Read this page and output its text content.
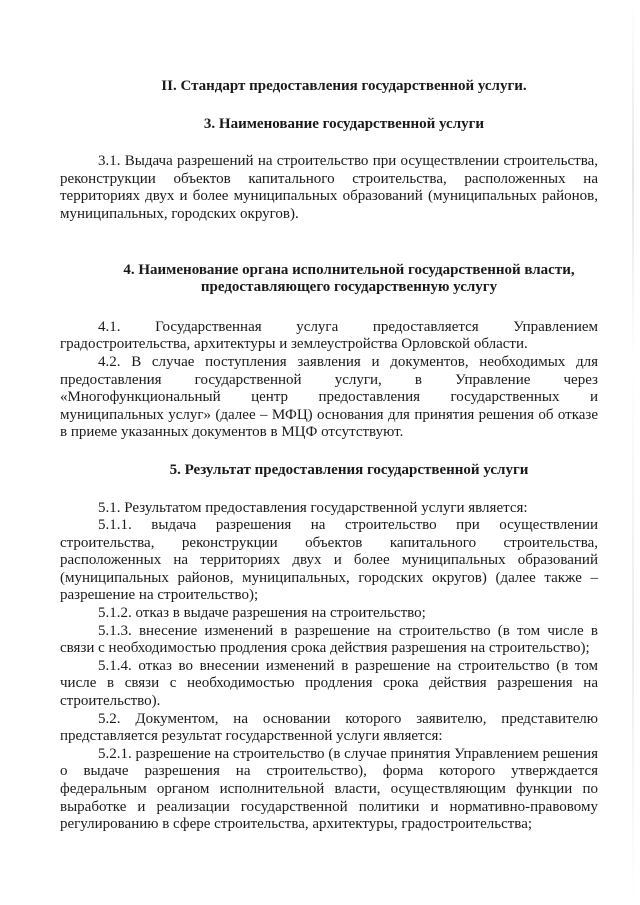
II. Стандарт предоставления государственной услуги.
3. Наименование государственной услуги

3.1. Выдача разрешений на строительство при осуществлении строительства, реконструкции объектов капитального строительства, расположенных на территориях двух и более муниципальных образований (муниципальных районов, муниципальных, городских округов).

4. Наименование органа исполнительной государственной власти,
предоставляющего государственную услугу

4.1. Государственная услуга предоставляется Управлением градостроительства, архитектуры и землеустройства Орловской области.

4.2. В случае поступления заявления и документов, необходимых для предоставления государственной услуги, в Управление через «Многофункциональный центр предоставления государственных и муниципальных услуг» (далее – МФЦ) основания для принятия решения об отказе в приеме указанных документов в МЦФ отсутствуют.

5. Результат предоставления государственной услуги

5.1. Результатом предоставления государственной услуги является:

5.1.1. выдача разрешения на строительство при осуществлении строительства, реконструкции объектов капитального строительства, расположенных на территориях двух и более муниципальных образований (муниципальных районов, муниципальных, городских округов) (далее также – разрешение на строительство);

5.1.2. отказ в выдаче разрешения на строительство;

5.1.3. внесение изменений в разрешение на строительство (в том числе в связи с необходимостью продления срока действия разрешения на строительство);

5.1.4. отказ во внесении изменений в разрешение на строительство (в том числе в связи с необходимостью продления срока действия разрешения на строительство).

5.2. Документом, на основании которого заявителю, представителю представляется результат государственной услуги является:

5.2.1. разрешение на строительство (в случае принятия Управлением решения о выдаче разрешения на строительство), форма которого утверждается федеральным органом исполнительной власти, осуществляющим функции по выработке и реализации государственной политики и нормативно-правовому регулированию в сфере строительства, архитектуры, градостроительства;
